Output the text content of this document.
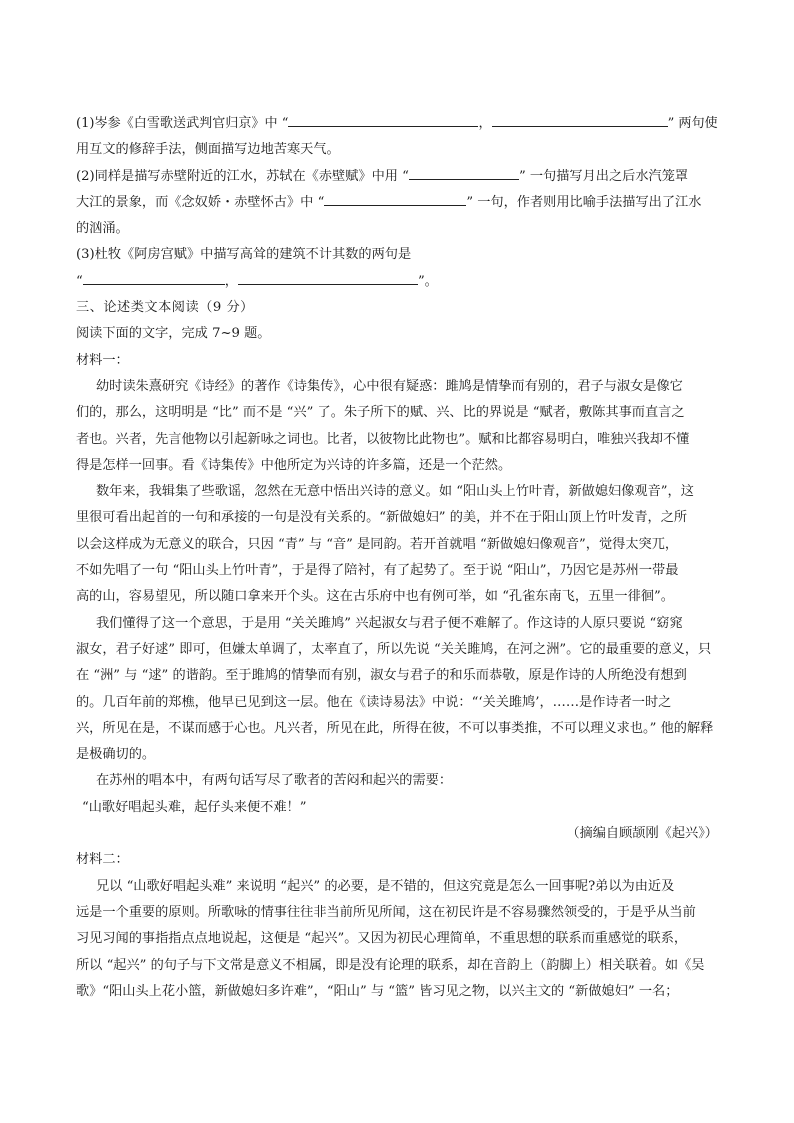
(1)岑参《白雪歌送武判官归京》中 “	，	” 两句使
用互文的修辞手法，侧面描写边地苦寒天气。
(2)同样是描写赤壁附近的江水，苏轼在《赤壁赋》中用 “	” 一句描写月出之后水汽笼罩
大江的景象，而《念奴娇・赤壁怀古》中 “	” 一句，作者则用比喻手法描写出了江水
的汹涌。
(3)杜牧《阿房宫赋》中描写高耸的建筑不计其数的两句是
“	，	”。
三、论述类文本阅读（9 分）
阅读下面的文字，完成 7~9 题。
材料一：
幼时读朱熹研究《诗经》的著作《诗集传》，心中很有疑惑：雎鸠是情挚而有别的，君子与淑女是像它
们的，那么，这明明是 “比” 而不是 “兴” 了。朱子所下的赋、兴、比的界说是 “赋者，敷陈其事而直言之
者也。兴者，先言他物以引起新咏之词也。比者，以彼物比此物也”。赋和比都容易明白，唯独兴我却不懂
得是怎样一回事。看《诗集传》中他所定为兴诗的许多篇，还是一个茫然。
数年来，我辑集了些歌谣，忽然在无意中悟出兴诗的意义。如 “阳山头上竹叶青，新做媳妇像观音”，这
里很可看出起首的一句和承接的一句是没有关系的。“新做媳妇” 的美，并不在于阳山顶上竹叶发青，之所
以会这样成为无意义的联合，只因 “青” 与 “音” 是同韵。若开首就唱 “新做媳妇像观音”，觉得太突兀，
不如先唱了一句 “阳山头上竹叶青”，于是得了陪衬，有了起势了。至于说 “阳山”，乃因它是苏州一带最
高的山，容易望见，所以随口拿来开个头。这在古乐府中也有例可举，如 “孔雀东南飞，五里一徘徊”。
我们懂得了这一个意思，于是用 “关关雎鸠” 兴起淑女与君子便不难解了。作这诗的人原只要说 “窈窕
淑女，君子好逑” 即可，但嫌太单调了，太率直了，所以先说 “关关雎鸠，在河之洲”。它的最重要的意义，只
在 “洲” 与 “逑” 的谐韵。至于雎鸠的情挚而有别，淑女与君子的和乐而恭敬，原是作诗的人所绝没有想到
的。几百年前的郑樵，他早已见到这一层。他在《读诗易法》中说：“‘关关雎鸠’，……是作诗者一时之
兴，所见在是，不谋而感于心也。凡兴者，所见在此，所得在彼，不可以事类推，不可以理义求也。” 他的解释
是极确切的。
在苏州的唱本中，有两句话写尽了歌者的苦闷和起兴的需要：
“山歌好唱起头难，起仔头来便不难！”
（摘编自顾颉刚《起兴》）
材料二：
兄以 “山歌好唱起头难” 来说明 “起兴” 的必要，是不错的，但这究竟是怎么一回事呢?弟以为由近及
远是一个重要的原则。所歌咏的情事往往非当前所见所闻，这在初民许是不容易骤然领受的，于是乎从当前
习见习闻的事指指点点地说起，这便是 “起兴”。又因为初民心理简单，不重思想的联系而重感觉的联系，
所以 “起兴” 的句子与下文常是意义不相属，即是没有论理的联系，却在音韵上（韵脚上）相关联着。如《吴
歌》“阳山头上花小篮，新做媳妇多许难”，“阳山” 与 “篮” 皆习见之物，以兴主文的 “新做媳妇” 一名；
